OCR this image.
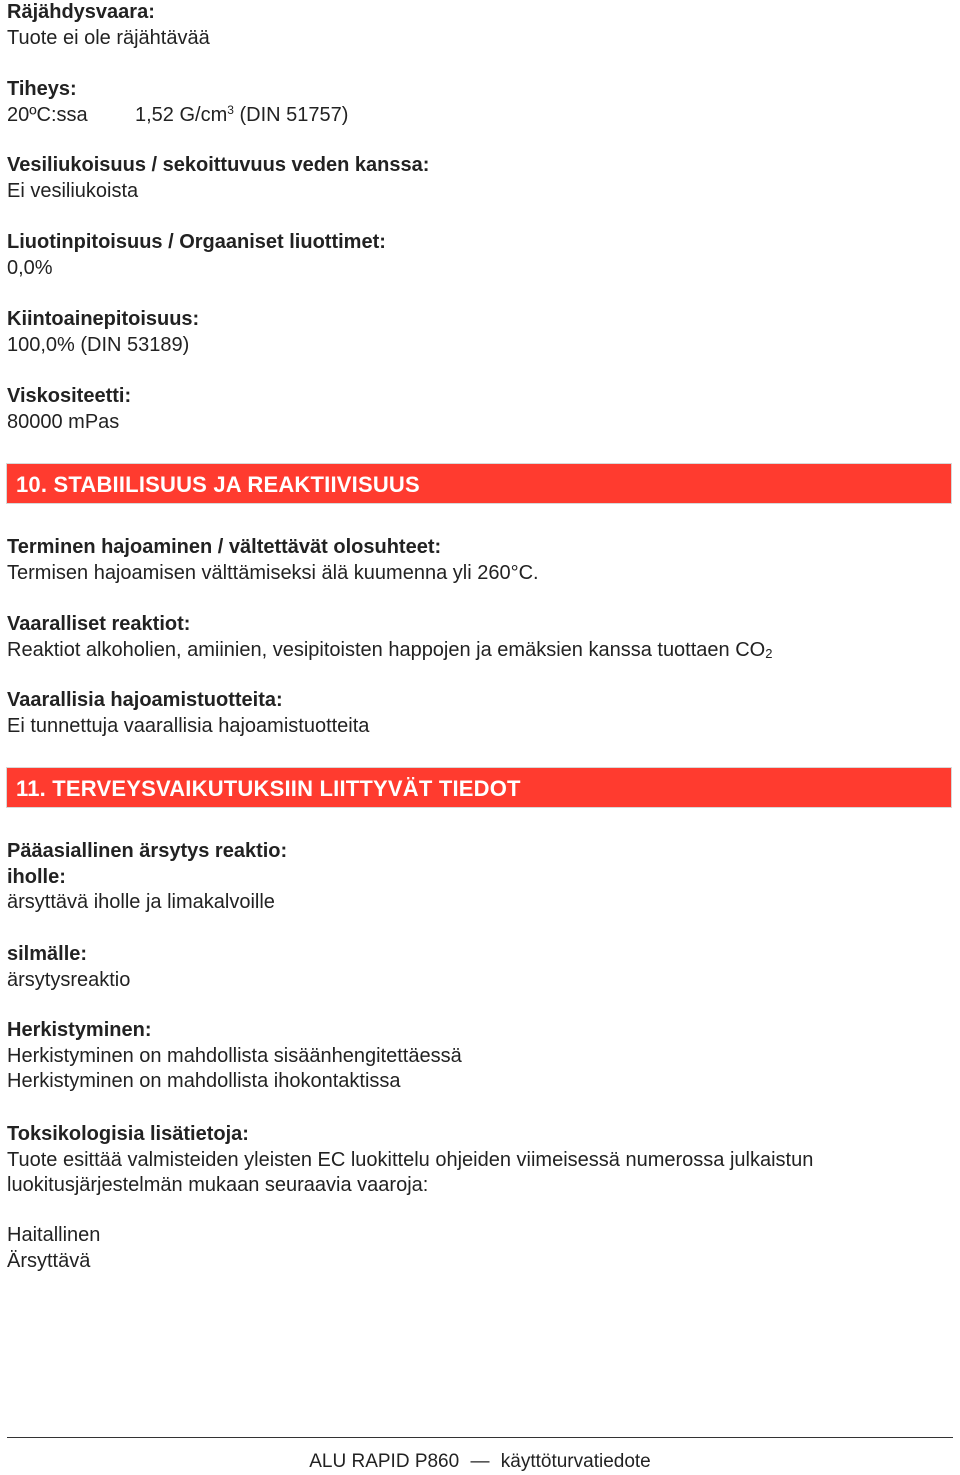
Räjähdysvaara:
Tuote ei ole räjähtävää
Tiheys:
20ºC:ssa 1,52 $G/cm^3$ (DIN 51757)
Vesiliukoisuus / sekoittuvuus veden kanssa:
Ei vesiliukoista
Liuotinpitoisuus / Orgaaniset liuottimet:
0,0%
Kiintoainepitoisuus:
100,0% (DIN 53189)
Viskositeetti:
80000 mPas
10. STABIILISUUS JA REAKTIIVISUUS
Terminen hajoaminen / vältettävät olosuhteet:
Termisen hajoamisen välttämiseksi älä kuumenna yli 260°C.
Vaaralliset reaktiot:
Reaktiot alkoholien, amiinien, vesipitoisten happojen ja emäksien kanssa tuottaen $CO_2$
Vaarallisia hajoamistuotteita:
Ei tunnettuja vaarallisia hajoamistuotteita
11. TERVEYSVAIKUTUKSIIN LIITTYVÄT TIEDOT
Pääasiallinen ärsytys reaktio:
iholle:
ärsyttävä iholle ja limakalvoille
silmälle:
ärsytysreaktio
Herkistyminen:
Herkistyminen on mahdollista sisäänhengitettäessä
Herkistyminen on mahdollista ihokontaktissa
Toksikologisia lisätietoja:
Tuote esittää valmisteiden yleisten EC luokittelu ohjeiden viimeisessä numerossa julkaistun
luokitusjärjestelmän mukaan seuraavia vaaroja:
Haitallinen
Ärsyttävä
ALU RAPID P860 — käyttöturvatiedote
